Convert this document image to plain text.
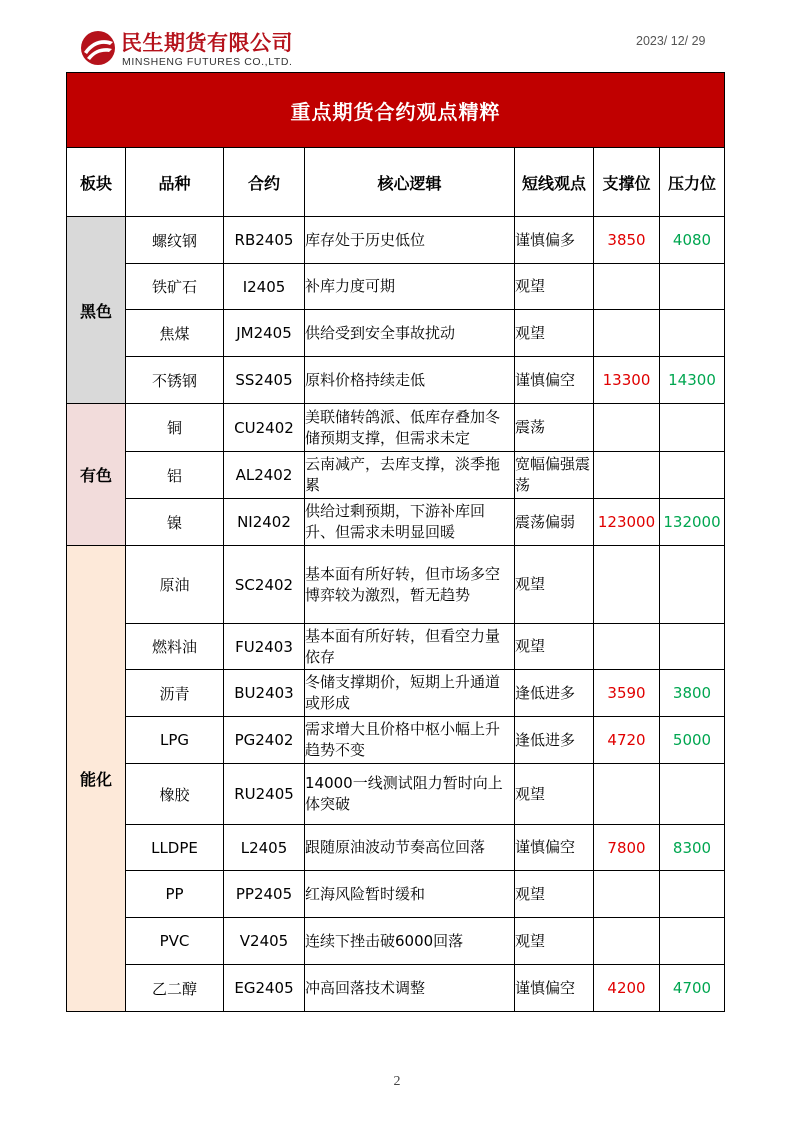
民生期货有限公司
MINSHENG FUTURES CO.,LTD.
2023/ 12/ 29
重点期货合约观点精粹						
板块	品种	合约	核心逻辑	短线观点	支撑位	压力位
黑色	螺纹钢	RB2405	库存处于历史低位	谨慎偏多	3850	4080
	铁矿石	I2405	补库力度可期	观望		
	焦煤	JM2405	供给受到安全事故扰动	观望		
	不锈钢	SS2405	原料价格持续走低	谨慎偏空	13300	14300
有色	铜	CU2402	美联储转鸽派、低库存叠加冬储预期支撑，但需求未定	震荡		
	铝	AL2402	云南减产，去库支撑，淡季拖累	宽幅偏强震荡		
	镍	NI2402	供给过剩预期，下游补库回升、但需求未明显回暖	震荡偏弱	123000	132000
能化	原油	SC2402	基本面有所好转，但市场多空博弈较为激烈，暂无趋势	观望		
	燃料油	FU2403	基本面有所好转，但看空力量依存	观望		
	沥青	BU2403	冬储支撑期价，短期上升通道或形成	逢低进多	3590	3800
	LPG	PG2402	需求增大且价格中枢小幅上升趋势不变	逢低进多	4720	5000
	橡胶	RU2405	14000一线测试阻力暂时向上体突破	观望		
	LLDPE	L2405	跟随原油波动节奏高位回落	谨慎偏空	7800	8300
	PP	PP2405	红海风险暂时缓和	观望		
	PVC	V2405	连续下挫击破6000回落	观望		
	乙二醇	EG2405	冲高回落技术调整	谨慎偏空	4200	4700
2
